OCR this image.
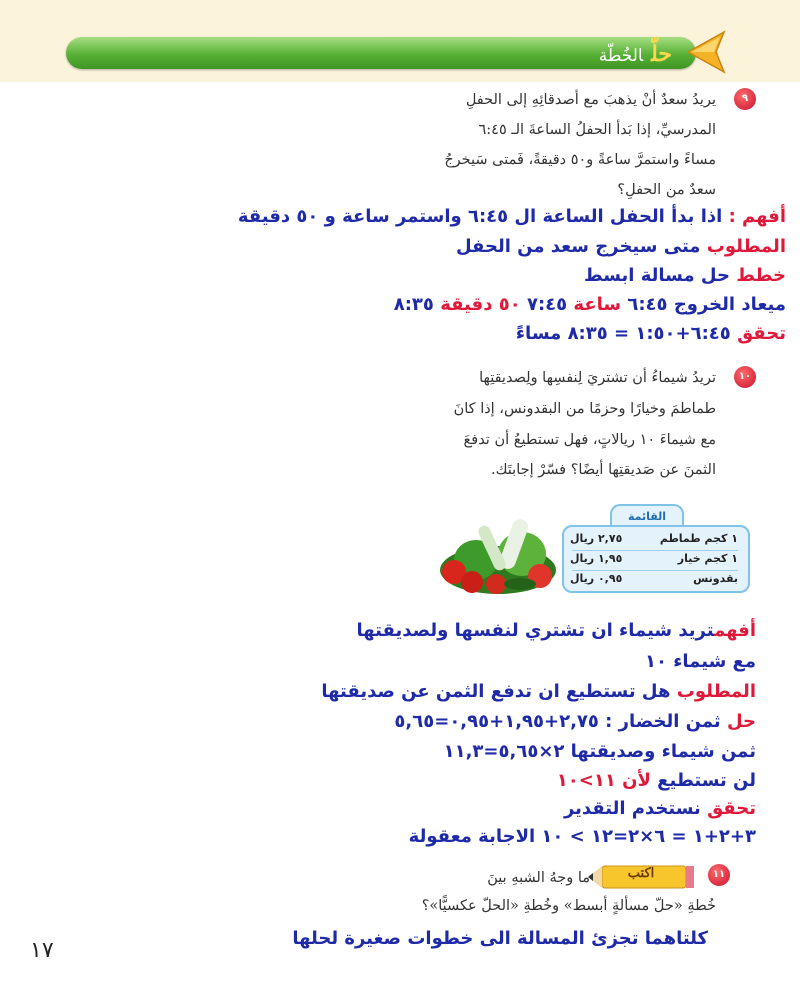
حلّالخُطّة
٩
يريدُ سعدٌ أنْ يذهبَ مع أصدقائِهِ إلى الحفلِ
المدرسيِّ، إذا بَدأ الحفلُ الساعةَ الـ ٦:٤٥
مساءً واستمرَّ ساعةً و٥٠ دقيقةً، فَمتى سَيخرجُ
سعدٌ من الحفلِ؟
أفهم : اذا بدأ الحفل الساعة ال ٦:٤٥ واستمر ساعة و ٥٠ دقيقة
المطلوب متى سيخرج سعد من الحفل
خطط حل مسالة ابسط
ميعاد الخروج ٦:٤٥ ساعة ٧:٤٥ ٥٠ دقيقة ٨:٣٥
تحقق ٦:٤٥+١:٥٠ = ٨:٣٥ مساءً
١٠
تريدُ شيماءُ أن تشتريَ لِنفسِها ولِصديقتِها
طماطمَ وخيارًا وحزمًا من البقدونس، إذا كانَ
مع شيماءَ ١٠ ريالاتٍ، فهل تستطيعُ أن تدفعَ
الثمنَ عن صَديقتِها أيضًا؟ فسّرْ إجابتَك.
القائمة
١ كجم طماطم
٢,٧٥ ريال
١ كجم خيار
١,٩٥ ريال
بقدونس
٠,٩٥ ريال
أفهمتريد شيماء ان تشتري لنفسها ولصديقتها
مع شيماء ١٠
المطلوب هل تستطيع ان تدفع الثمن عن صديقتها
حل ثمن الخضار : ٢,٧٥+١,٩٥+٠,٩٥=٥,٦٥
ثمن شيماء وصديقتها ٢×٥,٦٥=١١,٣
لن تستطيع لأن ١١>١٠
تحقق نستخدم التقدير
٣+٢+١ = ٦×٢=١٢ > ١٠ الاجابة معقولة
١١
اكتب
ما وجهُ الشبهِ بينَ
خُطةِ «حلّ مسألةٍ أبسط» وخُطةِ «الحلّ عكسيًّا»؟
كلتاهما تجزئ المسالة الى خطوات صغيرة لحلها
١٧
